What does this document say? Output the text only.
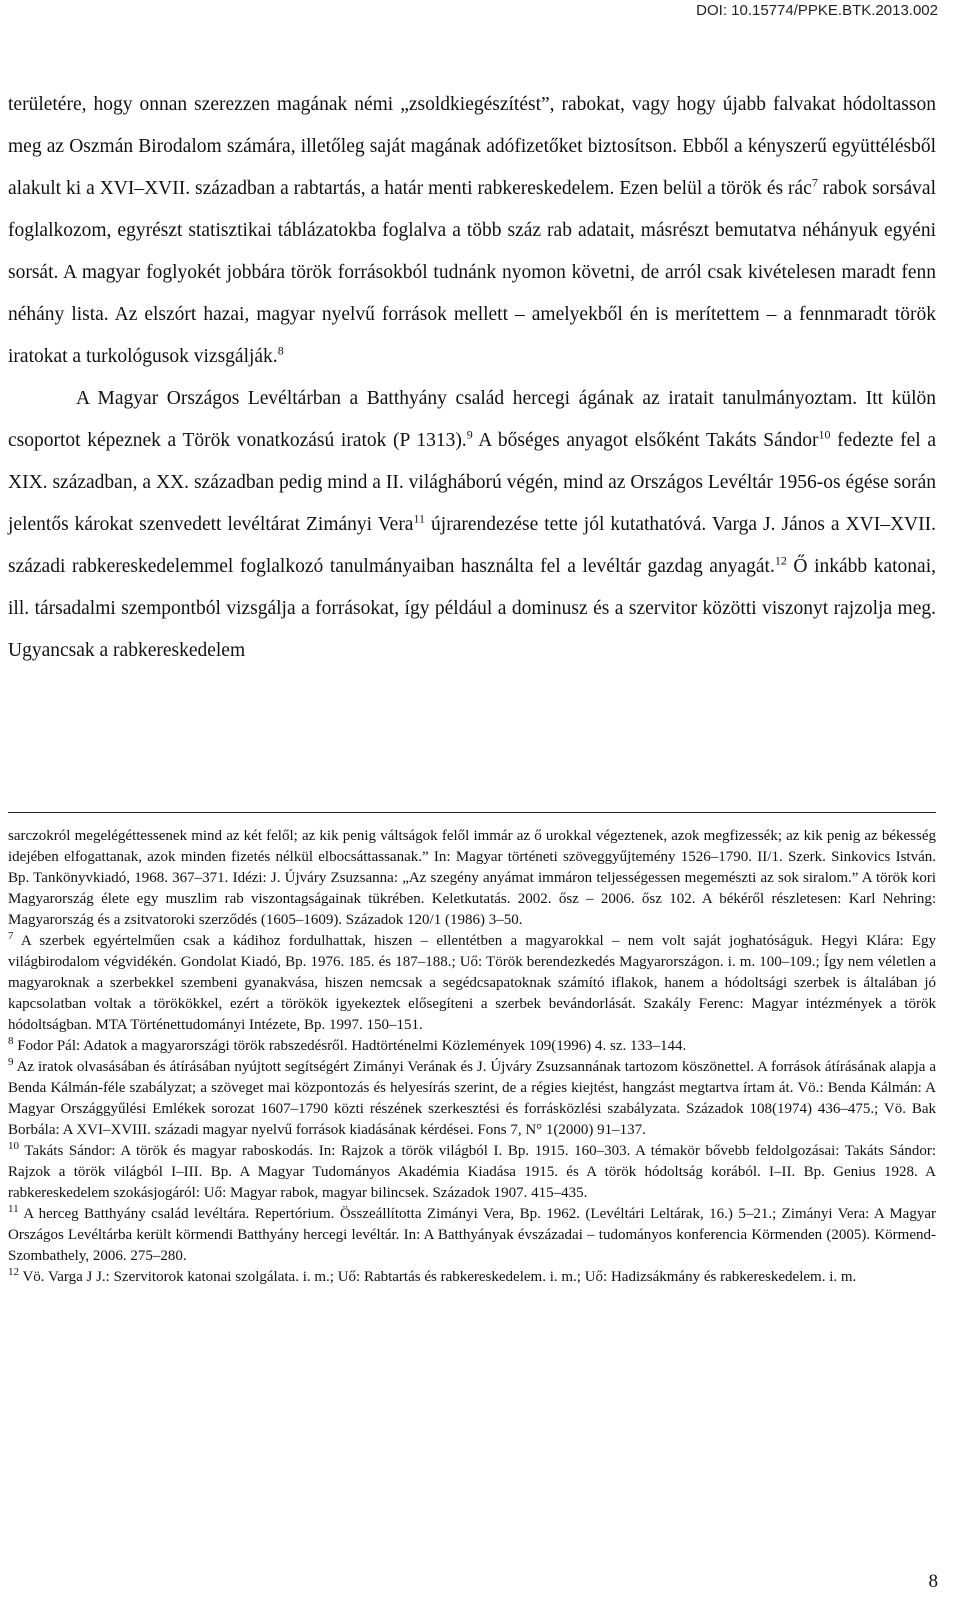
DOI: 10.15774/PPKE.BTK.2013.002

területére, hogy onnan szerezzen magának némi „zsoldkiegészítést”, rabokat, vagy hogy újabb falvakat hódoltasson meg az Oszmán Birodalom számára, illetőleg saját magának adófizetőket biztosítson. Ebből a kényszerű együttélésből alakult ki a XVI–XVII. században a rabtartás, a határ menti rabkereskedelem. Ezen belül a török és rác$^7$ rabok sorsával foglalkozom, egyrészt statisztikai táblázatokba foglalva a több száz rab adatait, másrészt bemutatva néhányuk egyéni sorsát. A magyar foglyokét jobbára török forrásokból tudnánk nyomon követni, de arról csak kivételesen maradt fenn néhány lista. Az elszórt hazai, magyar nyelvű források mellett – amelyekből én is merítettem – a fennmaradt török iratokat a turkológusok vizsgálják.$^8$

A Magyar Országos Levéltárban a Batthyány család hercegi ágának az iratait tanulmányoztam. Itt külön csoportot képeznek a Török vonatkozású iratok (P 1313).$^9$ A bőséges anyagot elsőként Takáts Sándor$^{10}$ fedezte fel a XIX. században, a XX. században pedig mind a II. világháború végén, mind az Országos Levéltár 1956-os égése során jelentős károkat szenvedett levéltárat Zimányi Vera$^{11}$ újrarendezése tette jól kutathatóvá. Varga J. János a XVI–XVII. századi rabkereskedelemmel foglalkozó tanulmányaiban használta fel a levéltár gazdag anyagát.$^{12}$ Ő inkább katonai, ill. társadalmi szempontból vizsgálja a forrásokat, így például a dominusz és a szervitor közötti viszonyt rajzolja meg. Ugyancsak a rabkereskedelem

sarczokról megelégéttessenek mind az két felől; az kik penig váltságok felől immár az ő urokkal végeztenek, azok megfizessék; az kik penig az békesség idejében elfogattanak, azok minden fizetés nélkül elbocsáttassanak.” In: Magyar történeti szöveggyűjtemény 1526–1790. II/1. Szerk. Sinkovics István. Bp. Tankönyvkiadó, 1968. 367–371. Idézi: J. Újváry Zsuzsanna: „Az szegény anyámat immáron teljességessen megemészti az sok siralom.” A török kori Magyarország élete egy muszlim rab viszontagságainak tükrében. Keletkutatás. 2002. ősz – 2006. ősz 102. A békéről részletesen: Karl Nehring: Magyarország és a zsitvatoroki szerződés (1605–1609). Századok 120/1 (1986) 3–50.

$^7$ A szerbek egyértelműen csak a kádihoz fordulhattak, hiszen – ellentétben a magyarokkal – nem volt saját joghatóságuk. Hegyi Klára: Egy világbirodalom végvidékén. Gondolat Kiadó, Bp. 1976. 185. és 187–188.; Uő: Török berendezkedés Magyarországon. i. m. 100–109.; Így nem véletlen a magyaroknak a szerbekkel szembeni gyanakvása, hiszen nemcsak a segédcsapatoknak számító iflakok, hanem a hódoltsági szerbek is általában jó kapcsolatban voltak a törökökkel, ezért a törökök igyekeztek elősegíteni a szerbek bevándorlását. Szakály Ferenc: Magyar intézmények a török hódoltságban. MTA Történettudományi Intézete, Bp. 1997. 150–151.

$^8$ Fodor Pál: Adatok a magyarországi török rabszedésről. Hadtörténelmi Közlemények 109(1996) 4. sz. 133–144.

$^9$ Az iratok olvasásában és átírásában nyújtott segítségért Zimányi Verának és J. Újváry Zsuzsannának tartozom köszönettel. A források átírásának alapja a Benda Kálmán-féle szabályzat; a szöveget mai központozás és helyesírás szerint, de a régies kiejtést, hangzást megtartva írtam át. Vö.: Benda Kálmán: A Magyar Országgyűlési Emlékek sorozat 1607–1790 közti részének szerkesztési és forrásközlési szabályzata. Századok 108(1974) 436–475.; Vö. Bak Borbála: A XVI–XVIII. századi magyar nyelvű források kiadásának kérdései. Fons 7, N° 1(2000) 91–137.

$^{10}$ Takáts Sándor: A török és magyar raboskodás. In: Rajzok a török világból I. Bp. 1915. 160–303. A témakör bővebb feldolgozásai: Takáts Sándor: Rajzok a török világból I–III. Bp. A Magyar Tudományos Akadémia Kiadása 1915. és A török hódoltság korából. I–II. Bp. Genius 1928. A rabkereskedelem szokásjogáról: Uő: Magyar rabok, magyar bilincsek. Századok 1907. 415–435.

$^{11}$ A herceg Batthyány család levéltára. Repertórium. Összeállította Zimányi Vera, Bp. 1962. (Levéltári Leltárak, 16.) 5–21.; Zimányi Vera: A Magyar Országos Levéltárba került körmendi Batthyány hercegi levéltár. In: A Batthyányak évszázadai – tudományos konferencia Körmenden (2005). Körmend-Szombathely, 2006. 275–280.

$^{12}$ Vö. Varga J J.: Szervitorok katonai szolgálata. i. m.; Uő: Rabtartás és rabkereskedelem. i. m.; Uő: Hadizsákmány és rabkereskedelem. i. m.

8
